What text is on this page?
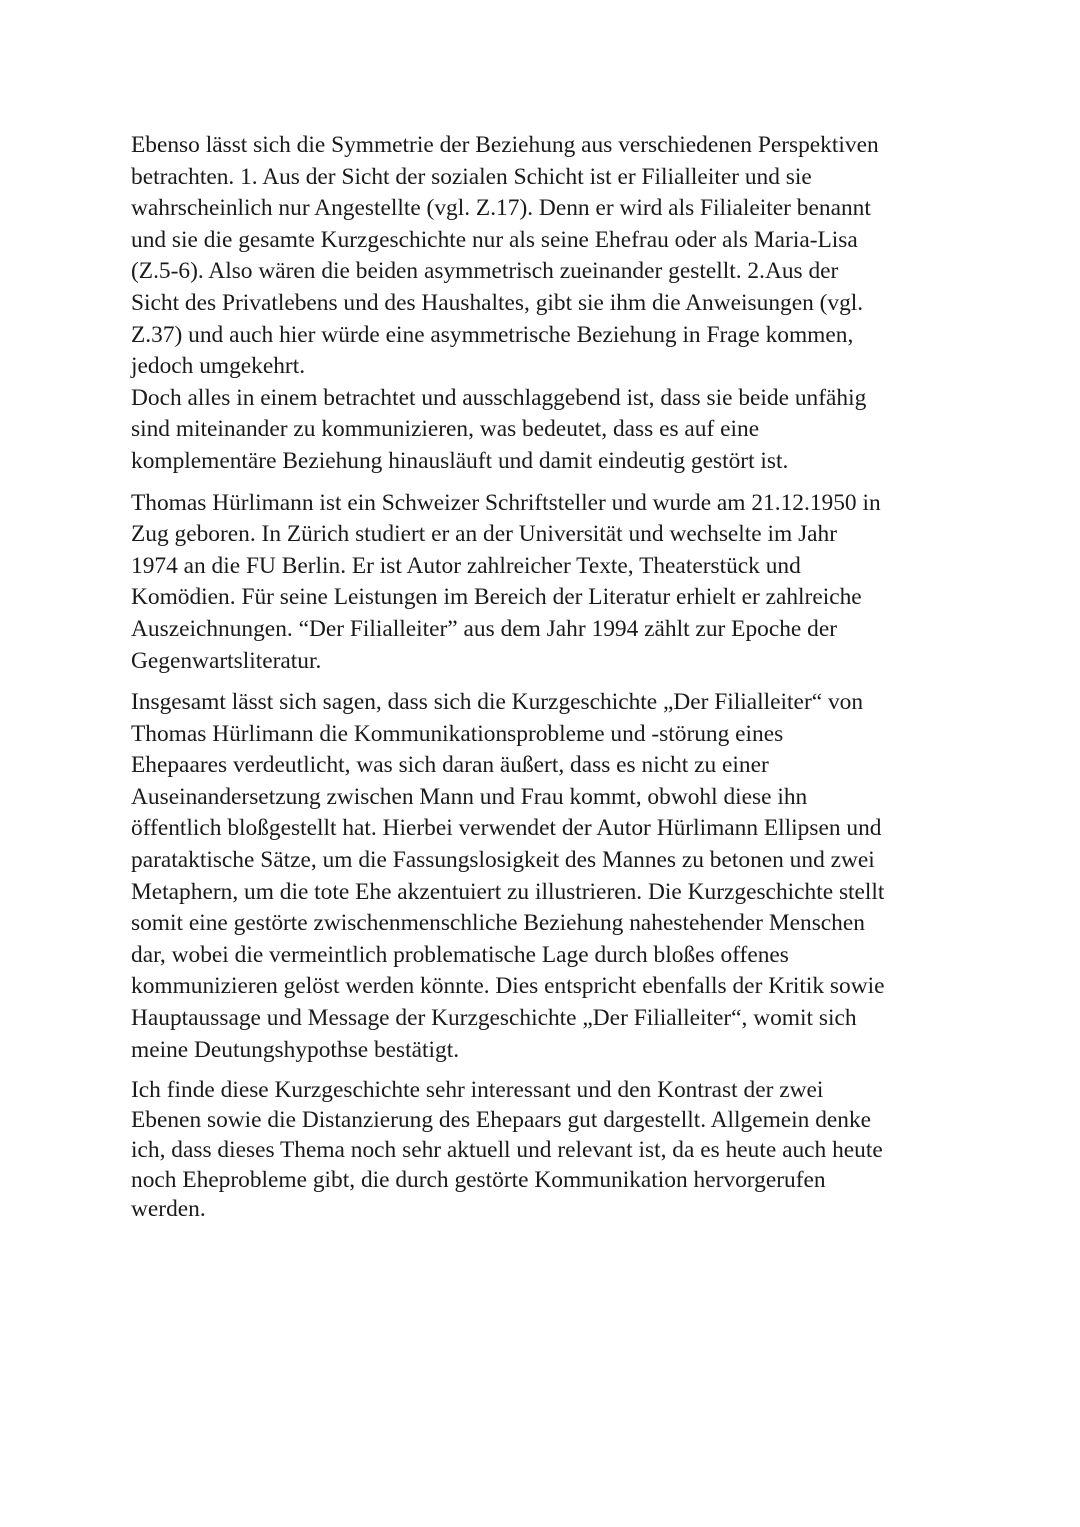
Ebenso lässt sich die Symmetrie der Beziehung aus verschiedenen Perspektiven
betrachten. 1. Aus der Sicht der sozialen Schicht ist er Filialleiter und sie
wahrscheinlich nur Angestellte (vgl. Z.17). Denn er wird als Filialeiter benannt
und sie die gesamte Kurzgeschichte nur als seine Ehefrau oder als Maria-Lisa
(Z.5-6). Also wären die beiden asymmetrisch zueinander gestellt. 2.Aus der
Sicht des Privatlebens und des Haushaltes, gibt sie ihm die Anweisungen (vgl.
Z.37) und auch hier würde eine asymmetrische Beziehung in Frage kommen,
jedoch umgekehrt.
Doch alles in einem betrachtet und ausschlaggebend ist, dass sie beide unfähig
sind miteinander zu kommunizieren, was bedeutet, dass es auf eine
komplementäre Beziehung hinausläuft und damit eindeutig gestört ist.

Thomas Hürlimann ist ein Schweizer Schriftsteller und wurde am 21.12.1950 in
Zug geboren. In Zürich studiert er an der Universität und wechselte im Jahr
1974 an die FU Berlin. Er ist Autor zahlreicher Texte, Theaterstück und
Komödien. Für seine Leistungen im Bereich der Literatur erhielt er zahlreiche
Auszeichnungen. “Der Filialleiter” aus dem Jahr 1994 zählt zur Epoche der
Gegenwartsliteratur.

Insgesamt lässt sich sagen, dass sich die Kurzgeschichte „Der Filialleiter“ von
Thomas Hürlimann die Kommunikationsprobleme und -störung eines
Ehepaares verdeutlicht, was sich daran äußert, dass es nicht zu einer
Auseinandersetzung zwischen Mann und Frau kommt, obwohl diese ihn
öffentlich bloßgestellt hat. Hierbei verwendet der Autor Hürlimann Ellipsen und
parataktische Sätze, um die Fassungslosigkeit des Mannes zu betonen und zwei
Metaphern, um die tote Ehe akzentuiert zu illustrieren. Die Kurzgeschichte stellt
somit eine gestörte zwischenmenschliche Beziehung nahestehender Menschen
dar, wobei die vermeintlich problematische Lage durch bloßes offenes
kommunizieren gelöst werden könnte. Dies entspricht ebenfalls der Kritik sowie
Hauptaussage und Message der Kurzgeschichte „Der Filialleiter“, womit sich
meine Deutungshypothse bestätigt.

Ich finde diese Kurzgeschichte sehr interessant und den Kontrast der zwei
Ebenen sowie die Distanzierung des Ehepaars gut dargestellt. Allgemein denke
ich, dass dieses Thema noch sehr aktuell und relevant ist, da es heute auch heute
noch Eheprobleme gibt, die durch gestörte Kommunikation hervorgerufen
werden.
